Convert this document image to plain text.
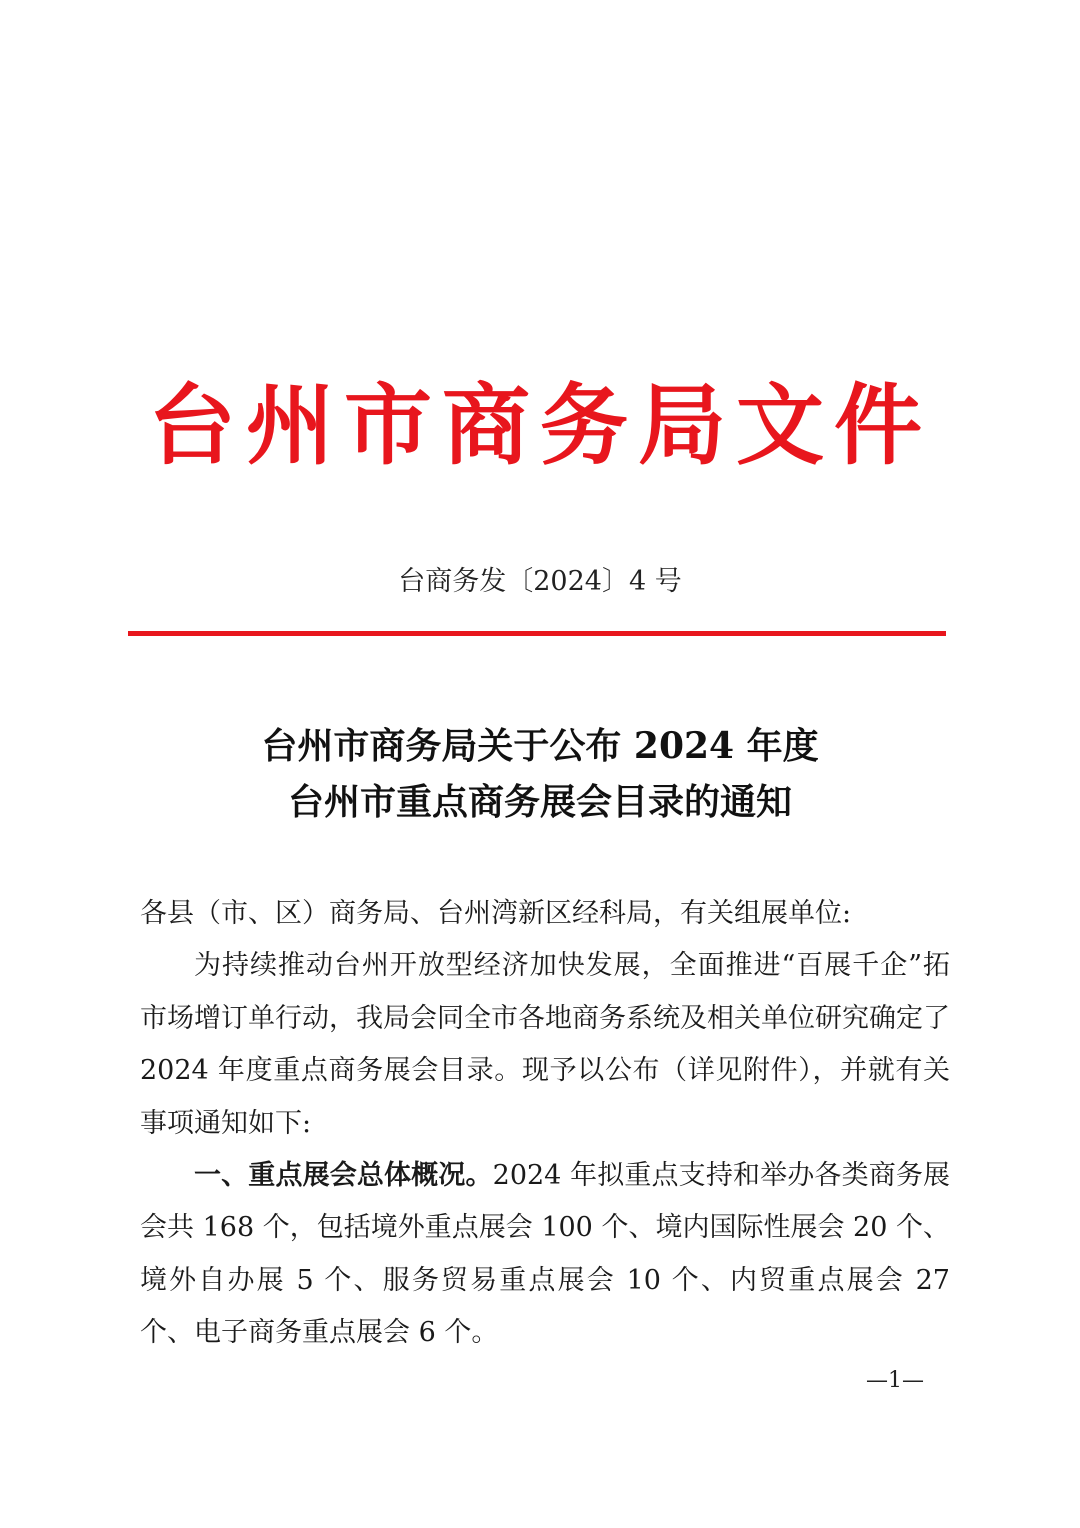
台州市商务局文件
台商务发〔2024〕4 号
台州市商务局关于公布 2024 年度
台州市重点商务展会目录的通知

各县（市、区）商务局、台州湾新区经科局，有关组展单位:

为持续推动台州开放型经济加快发展，全面推进“百展千企”拓市场增订单行动，我局会同全市各地商务系统及相关单位研究确定了 2024 年度重点商务展会目录。现予以公布（详见附件），并就有关事项通知如下:

一、重点展会总体概况。2024 年拟重点支持和举办各类商务展会共 168 个，包括境外重点展会 100 个、境内国际性展会 20 个、境外自办展 5 个、服务贸易重点展会 10 个、内贸重点展会 27 个、电子商务重点展会 6 个。

—1—
